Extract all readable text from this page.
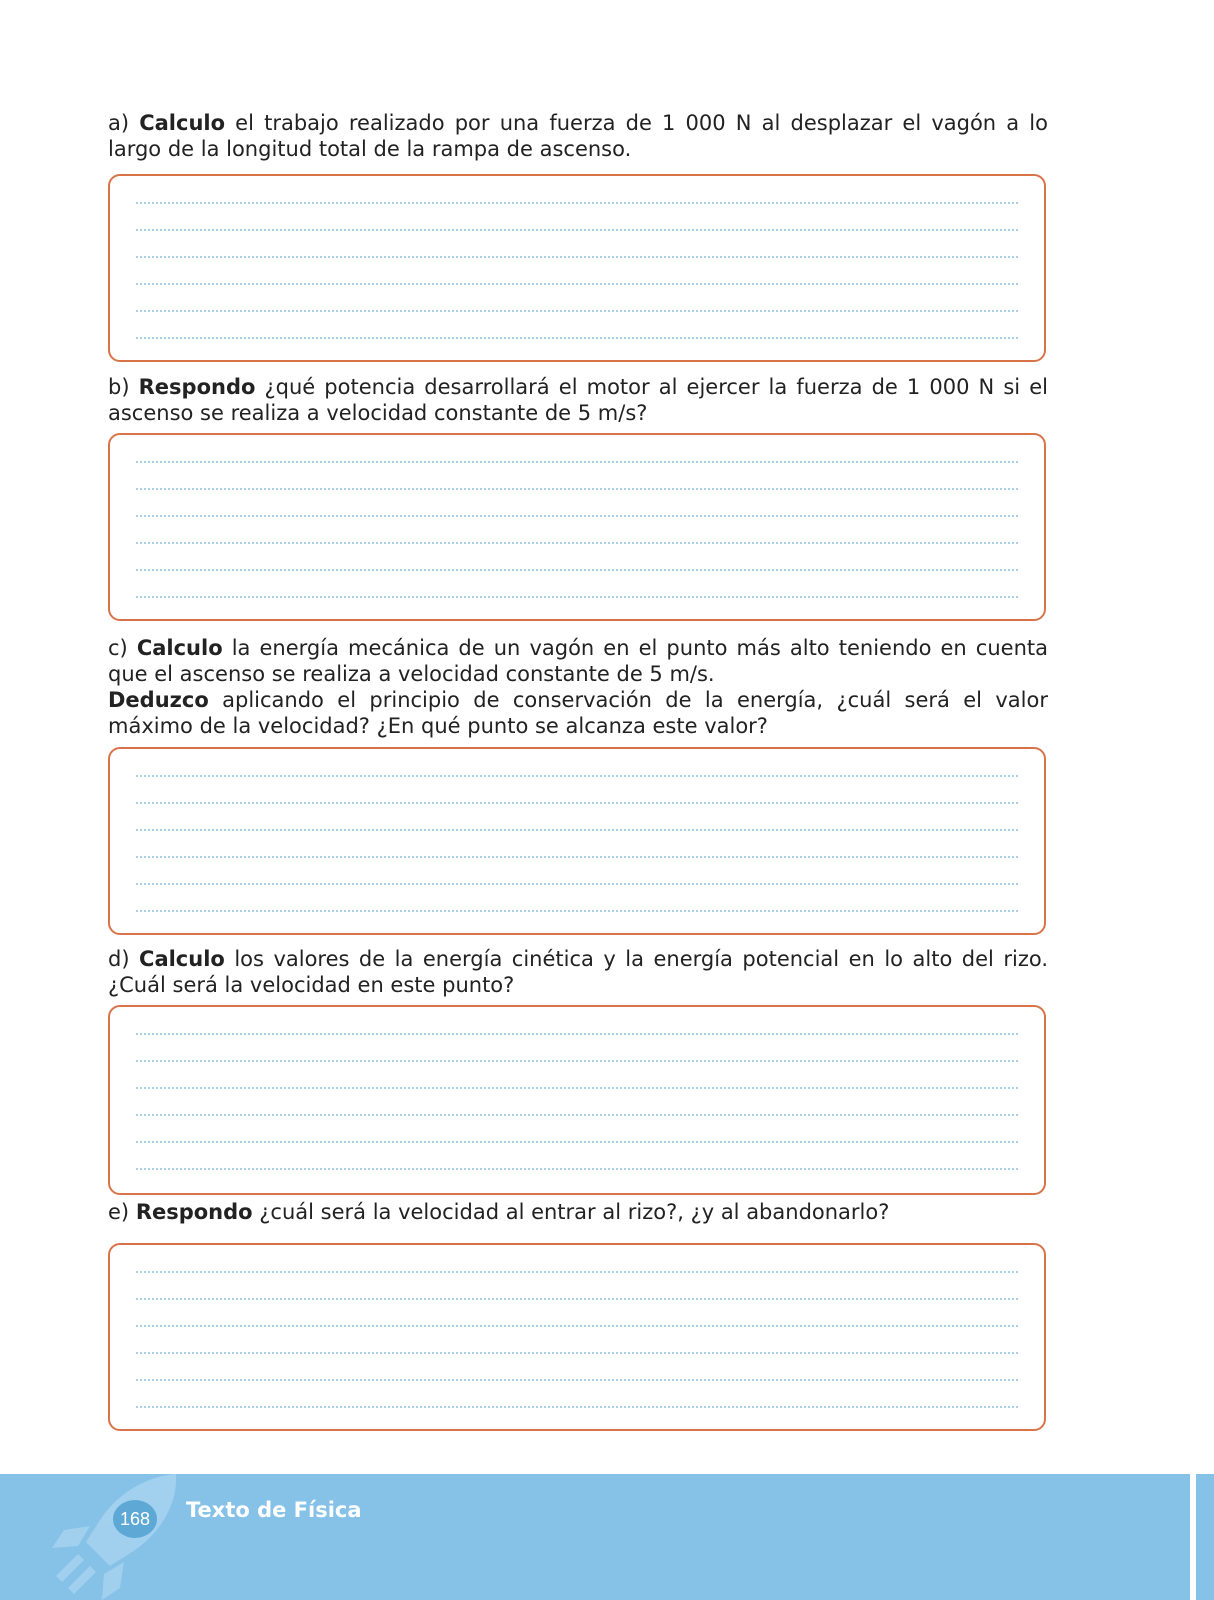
a) Calculo el trabajo realizado por una fuerza de 1 000 N al desplazar el vagón a lo largo de la longitud total de la rampa de ascenso.

b) Respondo ¿qué potencia desarrollará el motor al ejercer la fuerza de 1 000 N si el ascenso se realiza a velocidad constante de 5 m/s?

c) Calculo la energía mecánica de un vagón en el punto más alto teniendo en cuenta que el ascenso se realiza a velocidad constante de 5 m/s.
Deduzco aplicando el principio de conservación de la energía, ¿cuál será el valor máximo de la velocidad? ¿En qué punto se alcanza este valor?

d) Calculo los valores de la energía cinética y la energía potencial en lo alto del rizo. ¿Cuál será la velocidad en este punto?

e) Respondo ¿cuál será la velocidad al entrar al rizo?, ¿y al abandonarlo?

168	Texto de Física
